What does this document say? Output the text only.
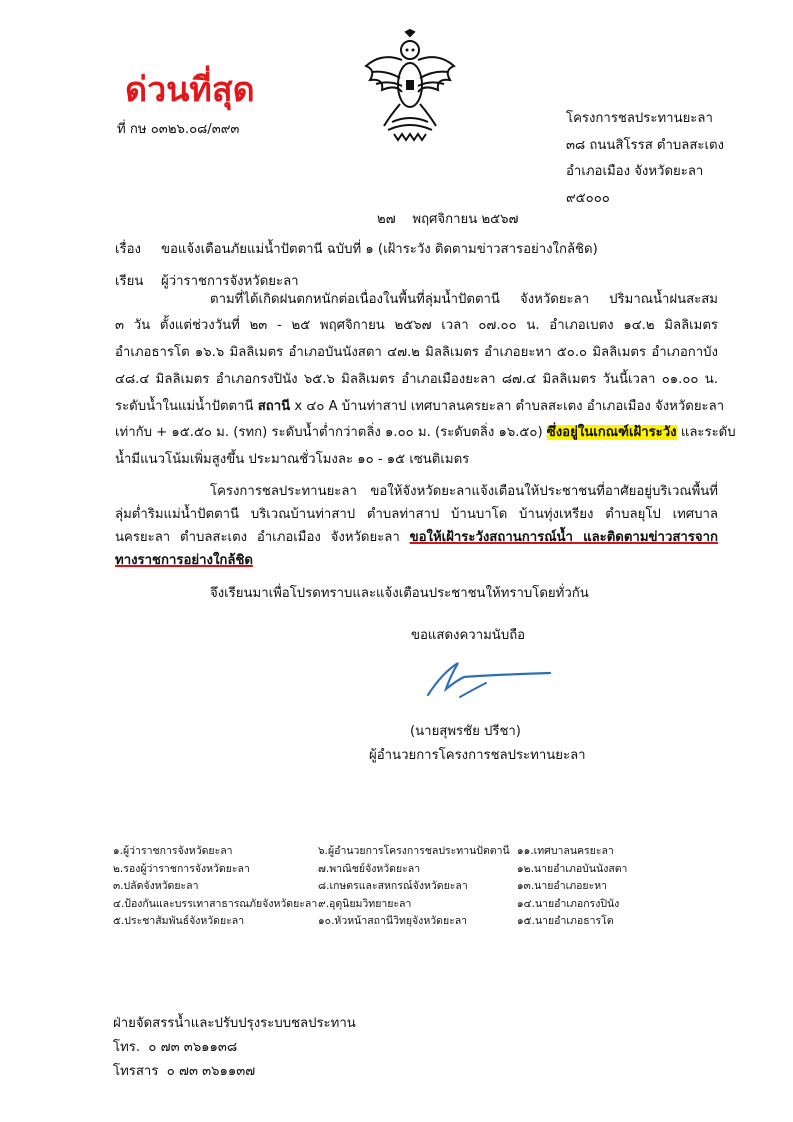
ด่วนที่สุด
ที่ กษ ๐๓๒๖.๐๘/๓๙๓
โครงการชลประทานยะลา
๓๘ ถนนสิโรรส ตำบลสะเตง
อำเภอเมือง จังหวัดยะลา
๙๕๐๐๐
๒๗    พฤศจิกายน ๒๕๖๗
เรื่อง ขอแจ้งเตือนภัยแม่น้ำปัตตานี ฉบับที่ ๑ (เฝ้าระวัง ติดตามข่าวสารอย่างใกล้ชิด)
เรียน ผู้ว่าราชการจังหวัดยะลา
ตามที่ได้เกิดฝนตกหนักต่อเนื่องในพื้นที่ลุ่มน้ำปัตตานี จังหวัดยะลา ปริมาณน้ำฝนสะสม
๓ วัน ตั้งแต่ช่วงวันที่ ๒๓ - ๒๕ พฤศจิกายน ๒๕๖๗ เวลา ๐๗.๐๐ น. อำเภอเบตง ๑๔.๒ มิลลิเมตร
อำเภอธารโต ๑๖.๖ มิลลิเมตร อำเภอบันนังสตา ๔๗.๒ มิลลิเมตร อำเภอยะหา ๕๐.๐ มิลลิเมตร อำเภอกาบัง
๔๘.๔ มิลลิเมตร อำเภอกรงปินัง ๖๕.๖ มิลลิเมตร อำเภอเมืองยะลา ๘๗.๔ มิลลิเมตร วันนี้เวลา ๐๑.๐๐ น.
ระดับน้ำในแม่น้ำปัตตานี สถานี x ๔๐ A บ้านท่าสาป เทศบาลนครยะลา ตำบลสะเตง อำเภอเมือง จังหวัดยะลา
เท่ากับ + ๑๕.๕๐ ม. (รทก) ระดับน้ำต่ำกว่าตลิ่ง ๑.๐๐ ม. (ระดับตลิ่ง ๑๖.๕๐) ซึ่งอยู่ในเกณฑ์เฝ้าระวัง และระดับ
น้ำมีแนวโน้มเพิ่มสูงขึ้น ประมาณชั่วโมงละ ๑๐ - ๑๕ เซนติเมตร
โครงการชลประทานยะลา ขอให้จังหวัดยะลาแจ้งเตือนให้ประชาชนที่อาศัยอยู่บริเวณพื้นที่
ลุ่มต่ำริมแม่น้ำปัตตานี บริเวณบ้านท่าสาป ตำบลท่าสาป บ้านบาโด บ้านทุ่งเหรียง ตำบลยุโป เทศบาล
นครยะลา ตำบลสะเตง อำเภอเมือง จังหวัดยะลา ขอให้เฝ้าระวังสถานการณ์น้ำ และติดตามข่าวสารจาก
ทางราชการอย่างใกล้ชิด
จึงเรียนมาเพื่อโปรดทราบและแจ้งเตือนประชาชนให้ทราบโดยทั่วกัน
ขอแสดงความนับถือ
(นายสุพรชัย ปรีชา)
ผู้อำนวยการโครงการชลประทานยะลา
๑.ผู้ว่าราชการจังหวัดยะลา
๒.รองผู้ว่าราชการจังหวัดยะลา
๓.ปลัดจังหวัดยะลา
๔.ป้องกันและบรรเทาสาธารณภัยจังหวัดยะลา
๕.ประชาสัมพันธ์จังหวัดยะลา
๖.ผู้อำนวยการโครงการชลประทานปัตตานี
๗.พาณิชย์จังหวัดยะลา
๘.เกษตรและสหกรณ์จังหวัดยะลา
๙.อุตุนิยมวิทยายะลา
๑๐.หัวหน้าสถานีวิทยุจังหวัดยะลา
๑๑.เทศบาลนครยะลา
๑๒.นายอำเภอบันนังสตา
๑๓.นายอำเภอยะหา
๑๔.นายอำเภอกรงปินัง
๑๕.นายอำเภอธารโต
ฝ่ายจัดสรรน้ำและปรับปรุงระบบชลประทาน
โทร.  ๐ ๗๓ ๓๖๑๑๓๘
โทรสาร  ๐ ๗๓ ๓๖๑๑๓๗
